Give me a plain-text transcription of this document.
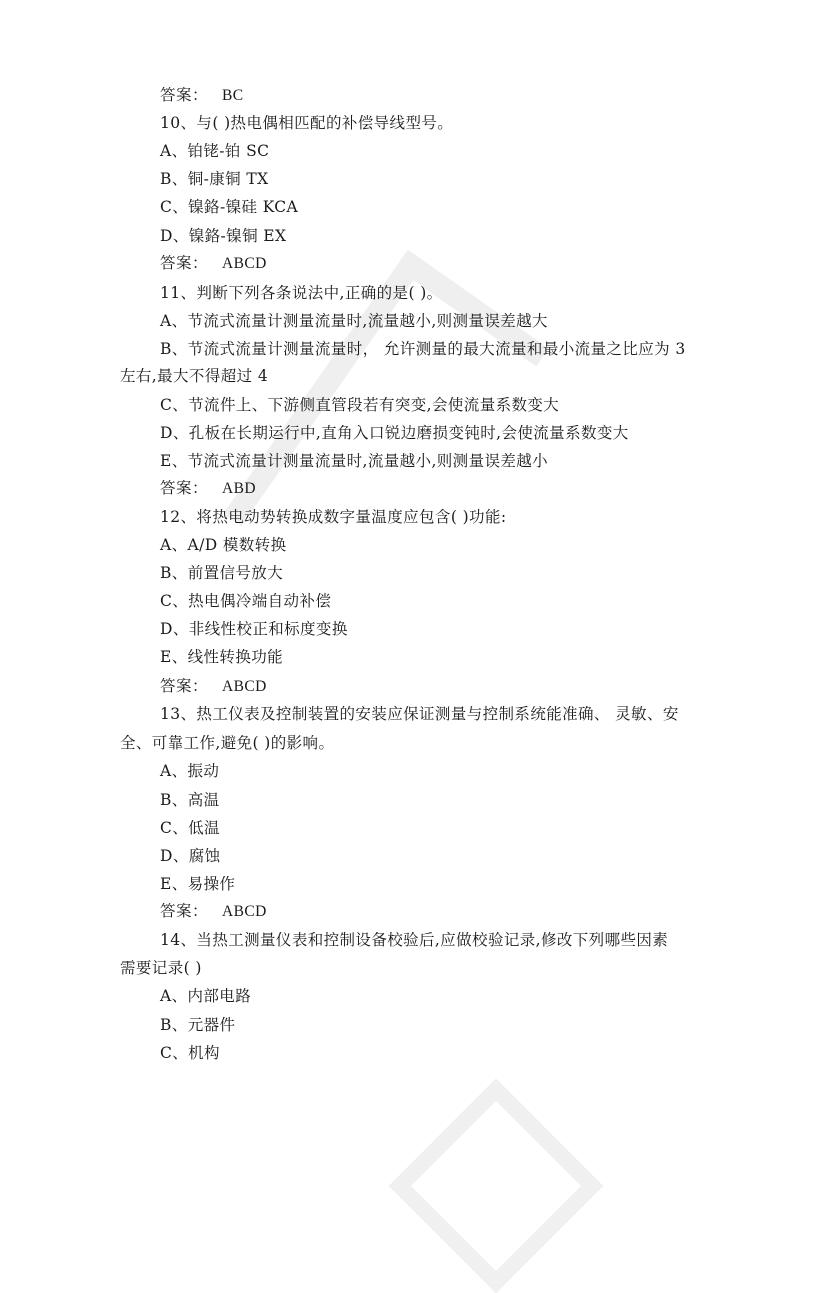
答案： BC
10、与( )热电偶相匹配的补偿导线型号。
A、铂铑-铂 SC
B、铜-康铜 TX
C、镍鉻-镍硅 KCA
D、镍鉻-镍铜 EX
答案： ABCD
11、判断下列各条说法中,正确的是( )。
A、节流式流量计测量流量时,流量越小,则测量误差越大
B、节流式流量计测量流量时， 允许测量的最大流量和最小流量之比应为 3
左右,最大不得超过 4
C、节流件上、下游侧直管段若有突变,会使流量系数变大
D、孔板在长期运行中,直角入口锐边磨损变钝时,会使流量系数变大
E、节流式流量计测量流量时,流量越小,则测量误差越小
答案： ABD
12、将热电动势转换成数字量温度应包含( )功能:
A、A/D 模数转换
B、前置信号放大
C、热电偶冷端自动补偿
D、非线性校正和标度变换
E、线性转换功能
答案： ABCD
13、热工仪表及控制装置的安装应保证测量与控制系统能准确、 灵敏、安
全、可靠工作,避免( )的影响。
A、振动
B、高温
C、低温
D、腐蚀
E、易操作
答案： ABCD
14、当热工测量仪表和控制设备校验后,应做校验记录,修改下列哪些因素
需要记录( )
A、内部电路
B、元器件
C、机构
